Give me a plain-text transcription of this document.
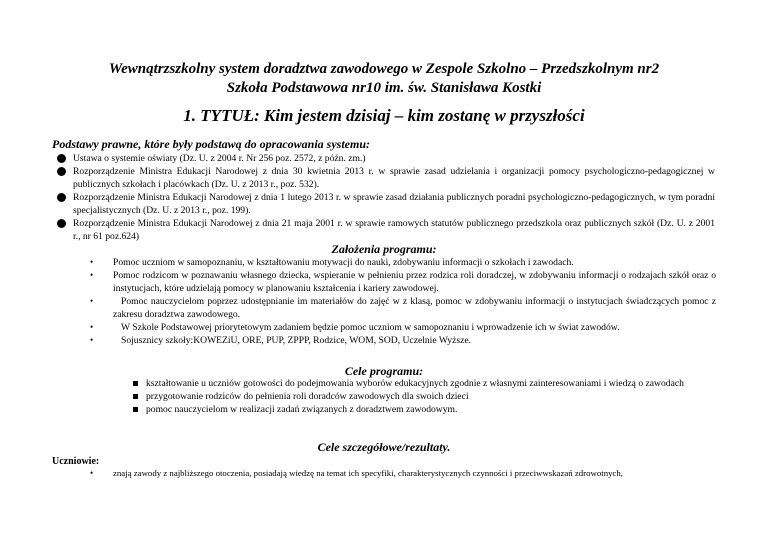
Wewnątrzszkolny system doradztwa zawodowego w Zespole Szkolno – Przedszkolnym nr2
Szkoła Podstawowa nr10 im. św. Stanisława Kostki
1. TYTUŁ: Kim jestem dzisiaj – kim zostanę w przyszłości
Podstawy prawne, które były podstawą do opracowania systemu:
Ustawa o systemie oświaty (Dz. U. z 2004 r. Nr 256 poz. 2572, z późn. zm.)
Rozporządzenie Ministra Edukacji Narodowej z dnia 30 kwietnia 2013 r. w sprawie zasad udzielania i organizacji pomocy psychologiczno-pedagogicznej w publicznych szkołach i placówkach (Dz. U. z 2013 r., poz. 532).
Rozporządzenie Ministra Edukacji Narodowej z dnia 1 lutego 2013 r. w sprawie zasad działania publicznych poradni psychologiczno-pedagogicznych, w tym poradni specjalistycznych (Dz. U. z 2013 r., poz. 199).
Rozporządzenie Ministra Edukacji Narodowej z dnia 21 maja 2001 r. w sprawie ramowych statutów publicznego przedszkola oraz publicznych szkół (Dz. U. z 2001 r., nr 61 poz.624)
Założenia programu:
• Pomoc uczniom w samopoznaniu, w kształtowaniu motywacji do nauki, zdobywaniu informacji o szkołach i zawodach.
• Pomoc rodzicom w poznawaniu własnego dziecka, wspieranie w pełnieniu przez rodzica roli doradczej, w zdobywaniu informacji o rodzajach szkół oraz o instytucjach, które udzielają pomocy w planowaniu kształcenia i kariery zawodowej.
•	Pomoc nauczycielom poprzez udostępnianie im materiałów do zajęć w z klasą, pomoc w zdobywaniu informacji o instytucjach świadczących pomoc z zakresu doradztwa zawodowego.
•	W Szkole Podstawowej priorytetowym zadaniem będzie pomoc uczniom w samopoznaniu i wprowadzenie ich w świat zawodów.
•	Sojusznicy szkoły:KOWEZiU, ORE, PUP, ZPPP, Rodzice, WOM, SOD, Uczelnie Wyższe.
Cele programu:
kształtowanie u uczniów gotowości do podejmowania wyborów edukacyjnych zgodnie z własnymi zainteresowaniami i wiedzą o zawodach
przygotowanie rodziców do pełnienia roli doradców zawodowych dla swoich dzieci
pomoc nauczycielom w realizacji zadań związanych z doradztwem zawodowym.
Cele szczegółowe/rezultaty.
Uczniowie:
• znają zawody z najbliższego otoczenia, posiadają wiedzę na temat ich specyfiki, charakterystycznych czynności i przeciwwskazań zdrowotnych,
